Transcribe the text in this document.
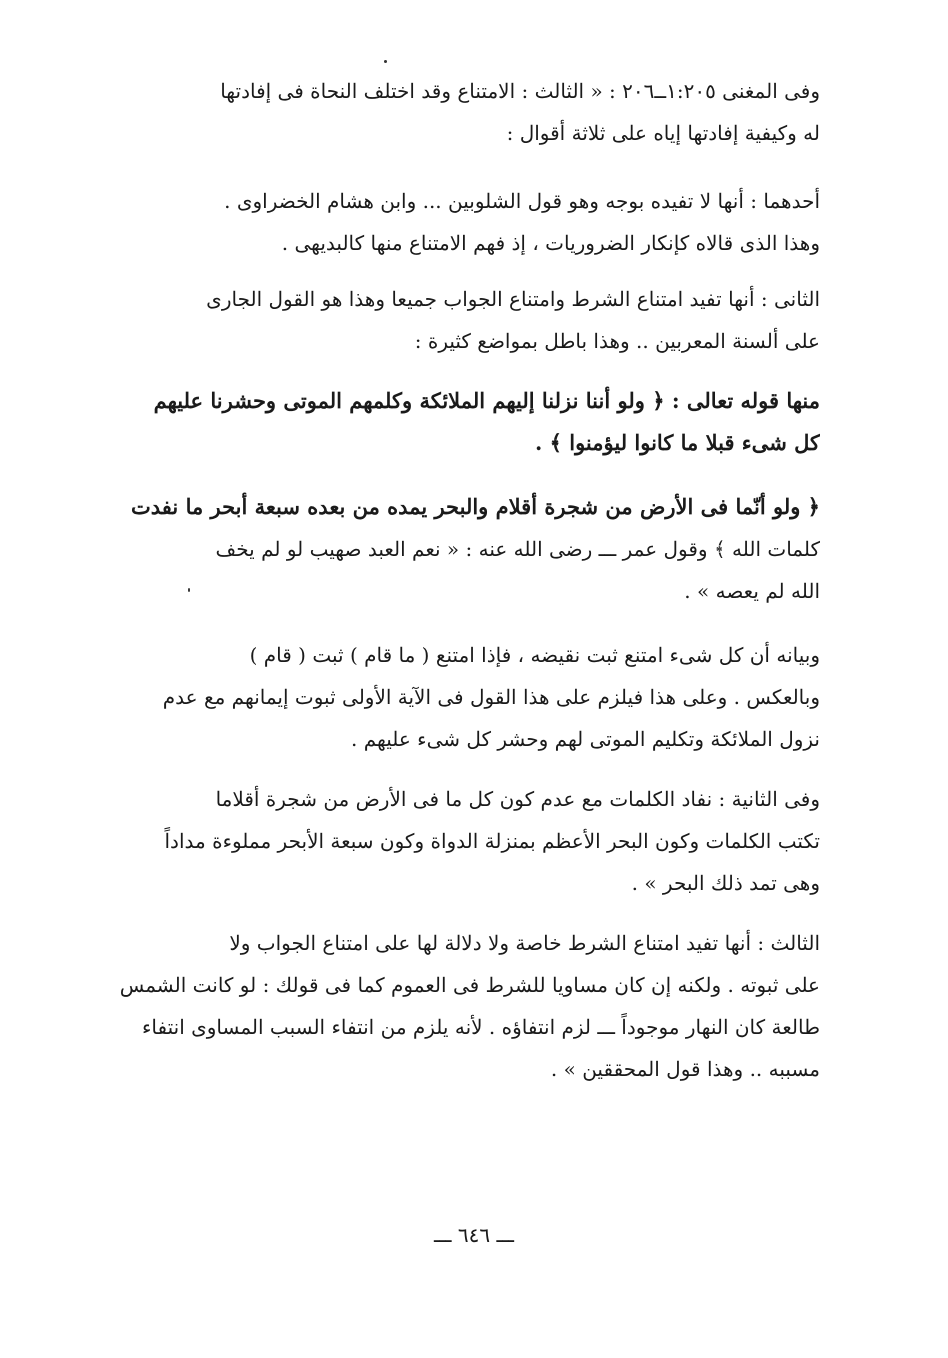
وفى المغنى ١:٢٠٥ــ٢٠٦ : « الثالث : الامتناع وقد اختلف النحاة فى إفادتها
له وكيفية إفادتها إياه على ثلاثة أقوال :
أحدهما : أنها لا تفيده بوجه وهو قول الشلوبين ... وابن هشام الخضراوى .
وهذا الذى قالاه كإنكار الضروريات ، إذ فهم الامتناع منها كالبديهى .
الثانى : أنها تفيد امتناع الشرط وامتناع الجواب جميعا وهذا هو القول الجارى
على ألسنة المعربين .. وهذا باطل بمواضع كثيرة :
منها قوله تعالى : ﴿ ولو أننا نزلنا إليهم الملائكة وكلمهم الموتى وحشرنا عليهم
كل شىء قبلا ما كانوا ليؤمنوا ﴾ .
﴿ ولو أنّما فى الأرض من شجرة أقلام والبحر يمده من بعده سبعة أبحر ما نفدت
كلمات الله ﴾ وقول عمر ـــ رضى الله عنه : « نعم العبد صهيب لو لم يخف
الله لم يعصه » .
وبيانه أن كل شىء امتنع ثبت نقيضه ، فإذا امتنع ( ما قام ) ثبت ( قام )
وبالعكس . وعلى هذا فيلزم على هذا القول فى الآية الأولى ثبوت إيمانهم مع عدم
نزول الملائكة وتكليم الموتى لهم وحشر كل شىء عليهم .
وفى الثانية : نفاد الكلمات مع عدم كون كل ما فى الأرض من شجرة أقلاما
تكتب الكلمات وكون البحر الأعظم بمنزلة الدواة وكون سبعة الأبحر مملوءة مداداً
وهى تمد ذلك البحر » .
الثالث : أنها تفيد امتناع الشرط خاصة ولا دلالة لها على امتناع الجواب ولا
على ثبوته . ولكنه إن كان مساويا للشرط فى العموم كما فى قولك : لو كانت الشمس
طالعة كان النهار موجوداً ـــ لزم انتفاؤه . لأنه يلزم من انتفاء السبب المساوى انتفاء
مسببه .. وهذا قول المحققين » .
ـــ ٦٤٦ ـــ
